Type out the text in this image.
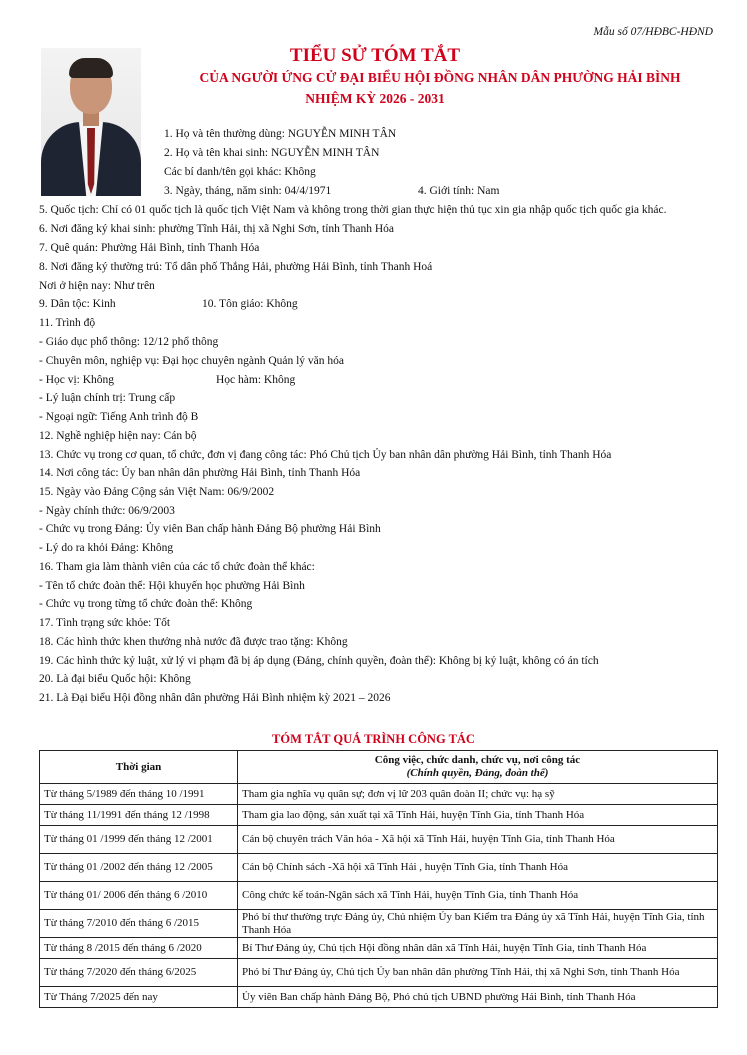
Mẫu số 07/HĐBC-HĐND
TIỂU SỬ TÓM TẮT
CỦA NGƯỜI ỨNG CỬ ĐẠI BIỂU HỘI ĐỒNG NHÂN DÂN PHƯỜNG HẢI BÌNH
NHIỆM KỲ 2026 - 2031
1. Họ và tên thường dùng: NGUYỄN MINH TÂN
2. Họ và tên khai sinh: NGUYỄN MINH TÂN
Các bí danh/tên gọi khác: Không
3. Ngày, tháng, năm sinh: 04/4/1971	4. Giới tính: Nam
5. Quốc tịch: Chỉ có 01 quốc tịch là quốc tịch Việt Nam và không trong thời gian thực hiện thủ tục xin gia nhập quốc tịch quốc gia khác.
6. Nơi đăng ký khai sinh: phường Tĩnh Hải, thị xã Nghi Sơn, tỉnh Thanh Hóa
7. Quê quán: Phường Hải Bình, tỉnh Thanh Hóa
8. Nơi đăng ký thường trú: Tổ dân phố Thắng Hải, phường Hải Bình, tỉnh Thanh Hoá
Nơi ở hiện nay: Như trên
9. Dân tộc: Kinh	10. Tôn giáo: Không
11. Trình độ
- Giáo dục phổ thông: 12/12 phổ thông
- Chuyên môn, nghiệp vụ: Đại học chuyên ngành Quản lý văn hóa
- Học vị: Không	Học hàm: Không
- Lý luận chính trị: Trung cấp
- Ngoại ngữ: Tiếng Anh trình độ B
12. Nghề nghiệp hiện nay: Cán bộ
13. Chức vụ trong cơ quan, tổ chức, đơn vị đang công tác: Phó Chủ tịch Ủy ban nhân dân phường Hải Bình, tỉnh Thanh Hóa
14. Nơi công tác: Ủy ban nhân dân phường Hải Bình, tỉnh Thanh Hóa
15. Ngày vào Đảng Cộng sản Việt Nam: 06/9/2002
- Ngày chính thức: 06/9/2003
- Chức vụ trong Đảng: Ủy viên Ban chấp hành Đảng Bộ phường Hải Bình
- Lý do ra khỏi Đảng: Không
16. Tham gia làm thành viên của các tổ chức đoàn thể khác:
- Tên tổ chức đoàn thể: Hội khuyến học phường Hải Bình
- Chức vụ trong từng tổ chức đoàn thể: Không
17. Tình trạng sức khỏe: Tốt
18. Các hình thức khen thưởng nhà nước đã được trao tặng: Không
19. Các hình thức kỷ luật, xử lý vi phạm đã bị áp dụng (Đảng, chính quyền, đoàn thể): Không bị kỷ luật, không có án tích
20. Là đại biểu Quốc hội: Không
21. Là Đại biểu Hội đồng nhân dân phường Hải Bình nhiệm kỳ 2021 – 2026
TÓM TẮT QUÁ TRÌNH CÔNG TÁC
Thời gian	Công việc, chức danh, chức vụ, nơi công tác
(Chính quyền, Đảng, đoàn thể)

Từ tháng 5/1989 đến tháng 10 /1991	Tham gia nghĩa vụ quân sự; đơn vị lữ 203 quân đoàn II; chức vụ: hạ sỹ
Từ tháng 11/1991 đến tháng 12 /1998	Tham gia lao động, sản xuất tại xã Tĩnh Hải, huyện Tĩnh Gia, tỉnh Thanh Hóa
Từ tháng 01 /1999 đến tháng 12 /2001	Cán bộ chuyên trách Văn hóa - Xã hội xã Tĩnh Hải, huyện Tĩnh Gia, tỉnh Thanh Hóa
Từ tháng 01 /2002 đến tháng 12 /2005	Cán bộ Chính sách -Xã hội xã Tĩnh Hải , huyện Tĩnh Gia, tỉnh Thanh Hóa
Từ tháng 01/ 2006 đến tháng 6 /2010	Công chức kế toán-Ngân sách xã Tĩnh Hải, huyện Tĩnh Gia, tỉnh Thanh Hóa
Từ tháng 7/2010 đến tháng 6 /2015	Phó bí thư thường trực Đảng ủy, Chủ nhiệm Ủy ban Kiểm tra Đảng ủy xã Tĩnh Hải, huyện Tĩnh Gia, tỉnh Thanh Hóa
Từ tháng 8 /2015 đến tháng 6 /2020	Bí Thư Đảng ủy, Chủ tịch Hội đồng nhân dân xã Tĩnh Hải, huyện Tĩnh Gia, tỉnh Thanh Hóa
Từ tháng 7/2020 đến tháng 6/2025	Phó bí Thư Đảng ủy, Chủ tịch Ủy ban nhân dân phường Tĩnh Hải, thị xã Nghi Sơn, tỉnh Thanh Hóa
Từ Tháng 7/2025 đến nay	Ủy viên Ban chấp hành Đảng Bộ, Phó chủ tịch UBND phường Hải Bình, tỉnh Thanh Hóa
